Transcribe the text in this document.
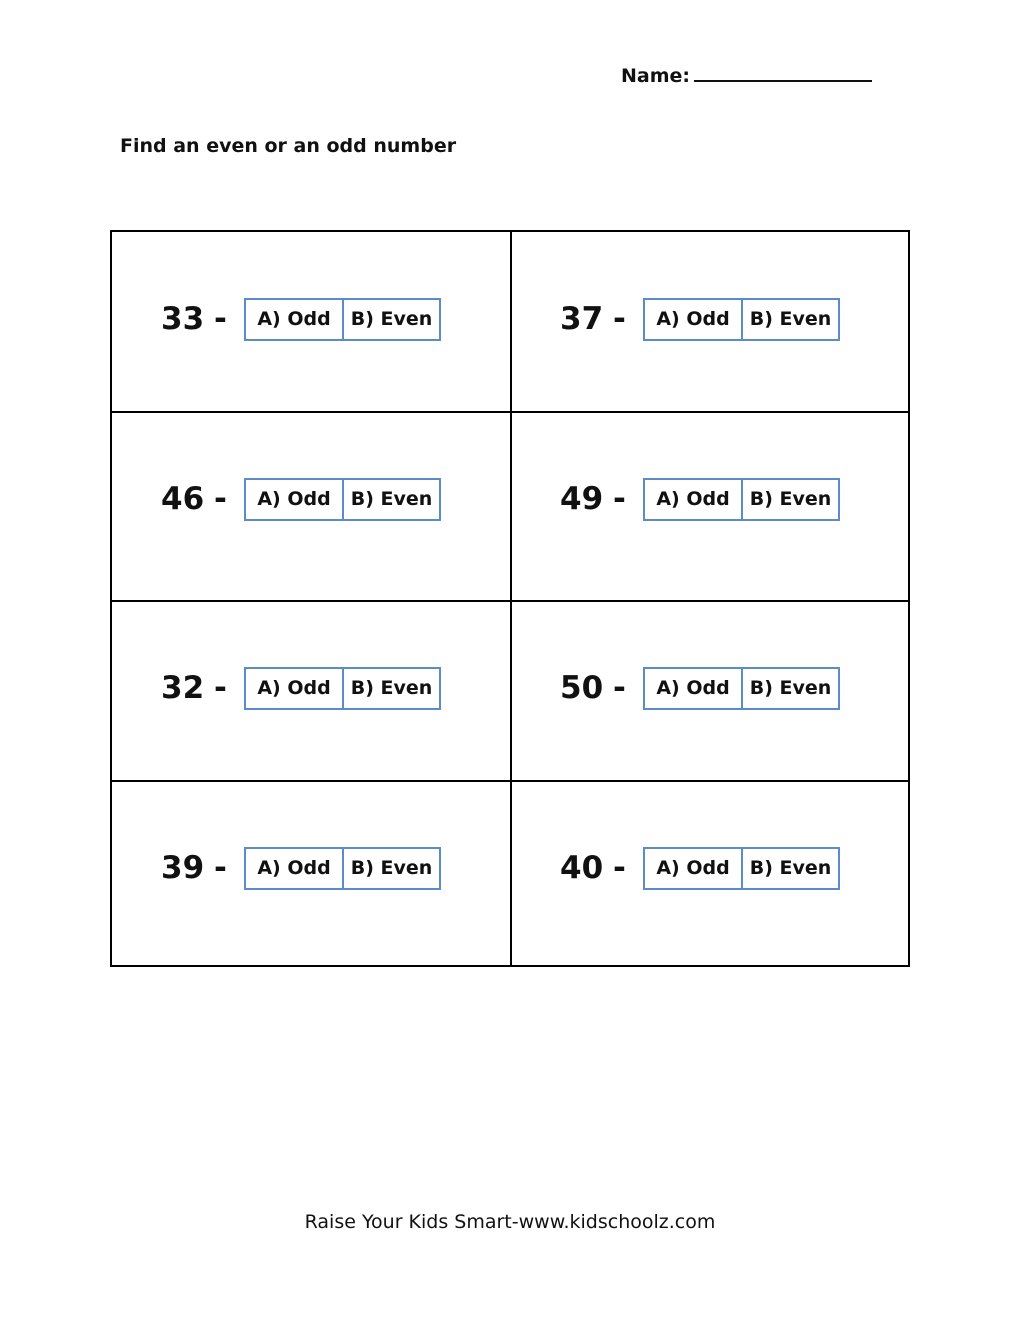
Name:
Find an even or an odd number
33 -	A) Odd	B) Even	37 -	A) Odd	B) Even
46 -	A) Odd	B) Even	49 -	A) Odd	B) Even
32 -	A) Odd	B) Even	50 -	A) Odd	B) Even
39 -	A) Odd	B) Even	40 -	A) Odd	B) Even
Raise Your Kids Smart-www.kidschoolz.com
